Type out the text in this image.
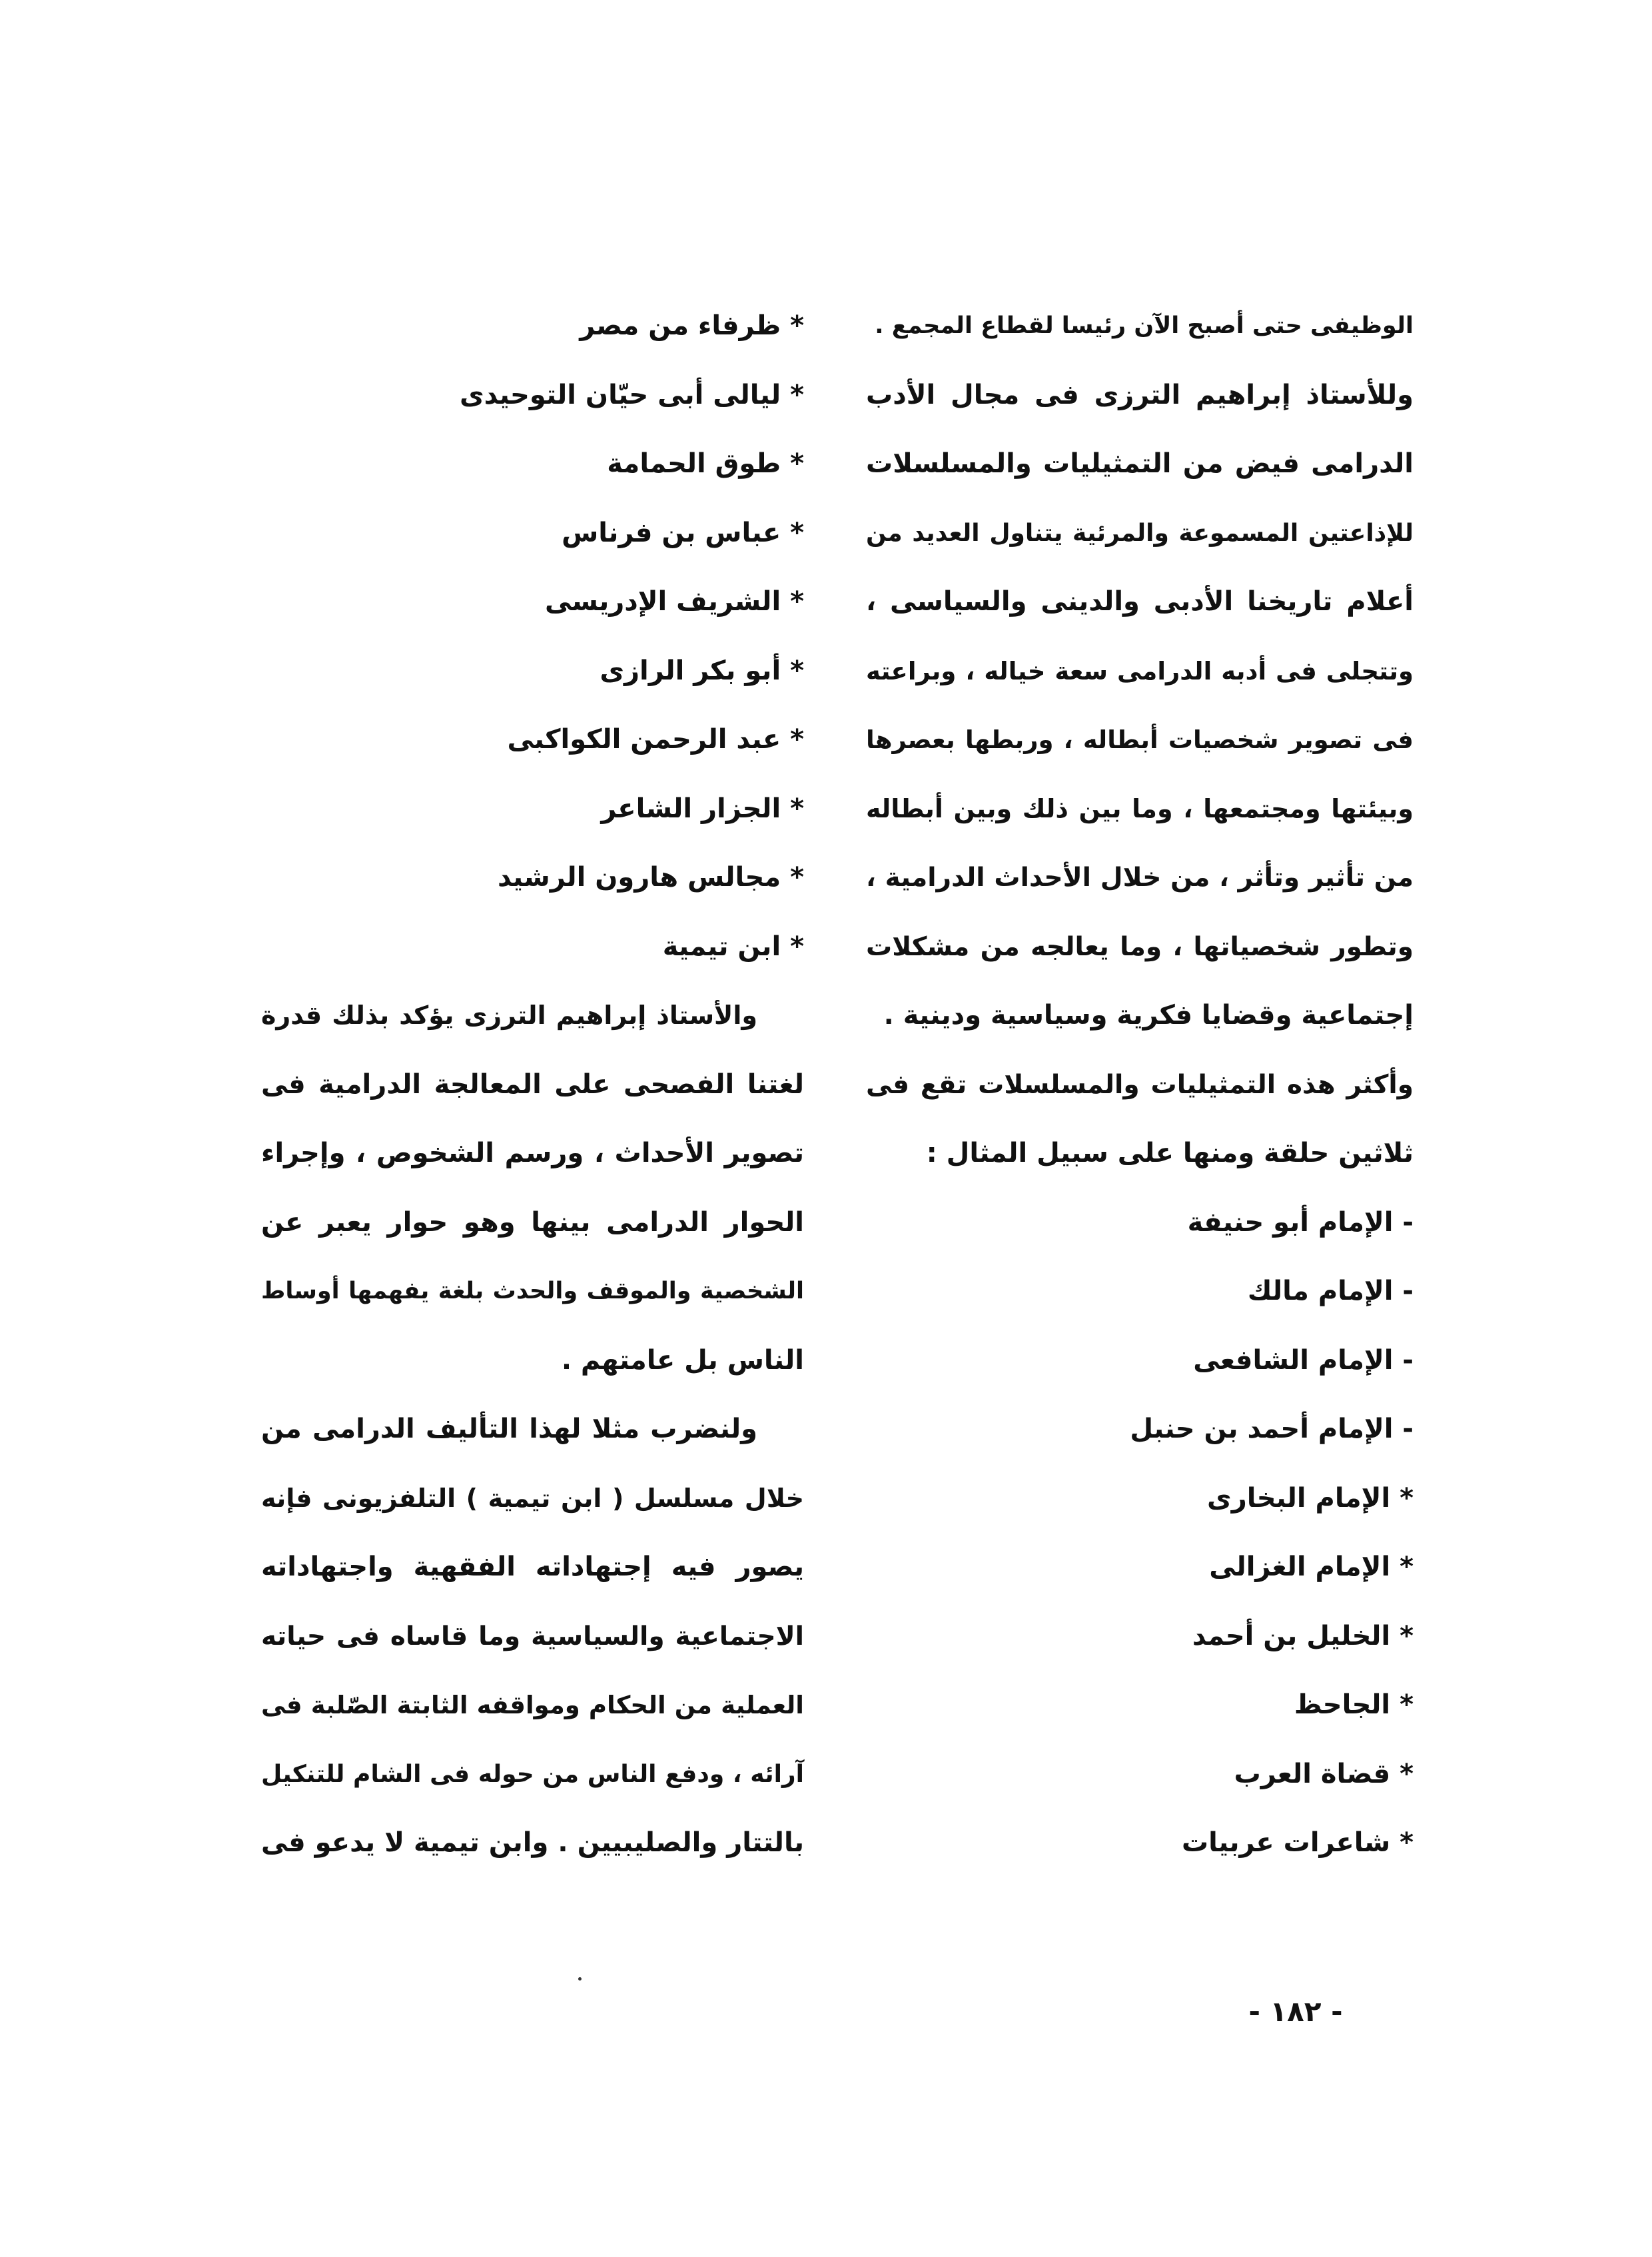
الوظيفى حتى أصبح الآن رئيسا لقطاع المجمع .
وللأستاذ إبراهيم الترزى فى مجال الأدب
الدرامى فيض من التمثيليات والمسلسلات
للإذاعتين المسموعة والمرئية يتناول العديد من
أعلام تاريخنا الأدبى والدينى والسياسى ،
وتتجلى فى أدبه الدرامى سعة خياله ، وبراعته
فى تصوير شخصيات أبطاله ، وربطها بعصرها
وبيئتها ومجتمعها ، وما بين ذلك وبين أبطاله
من تأثير وتأثر ، من خلال الأحداث الدرامية ،
وتطور شخصياتها ، وما يعالجه من مشكلات
إجتماعية وقضايا فكرية وسياسية ودينية .
وأكثر هذه التمثيليات والمسلسلات تقع فى
ثلاثين حلقة ومنها على سبيل المثال :
- الإمام أبو حنيفة
- الإمام مالك
- الإمام الشافعى
- الإمام أحمد بن حنبل
* الإمام البخارى
* الإمام الغزالى
* الخليل بن أحمد
* الجاحظ
* قضاة العرب
* شاعرات عربيات
* ظرفاء من مصر
* ليالى أبى حيّان التوحيدى
* طوق الحمامة
* عباس بن فرناس
* الشريف الإدريسى
* أبو بكر الرازى
* عبد الرحمن الكواكبى
* الجزار الشاعر
* مجالس هارون الرشيد
* ابن تيمية
والأستاذ إبراهيم الترزى يؤكد بذلك قدرة
لغتنا الفصحى على المعالجة الدرامية فى
تصوير الأحداث ، ورسم الشخوص ، وإجراء
الحوار الدرامى بينها وهو حوار يعبر عن
الشخصية والموقف والحدث بلغة يفهمها أوساط
الناس بل عامتهم .
ولنضرب مثلا لهذا التأليف الدرامى من
خلال مسلسل ( ابن تيمية ) التلفزيونى فإنه
يصور فيه إجتهاداته الفقهية واجتهاداته
الاجتماعية والسياسية وما قاساه فى حياته
العملية من الحكام ومواقفه الثابتة الصّلبة فى
آرائه ، ودفع الناس من حوله فى الشام للتنكيل
بالتتار والصليبيين . وابن تيمية لا يدعو فى
- ١٨٢ -
